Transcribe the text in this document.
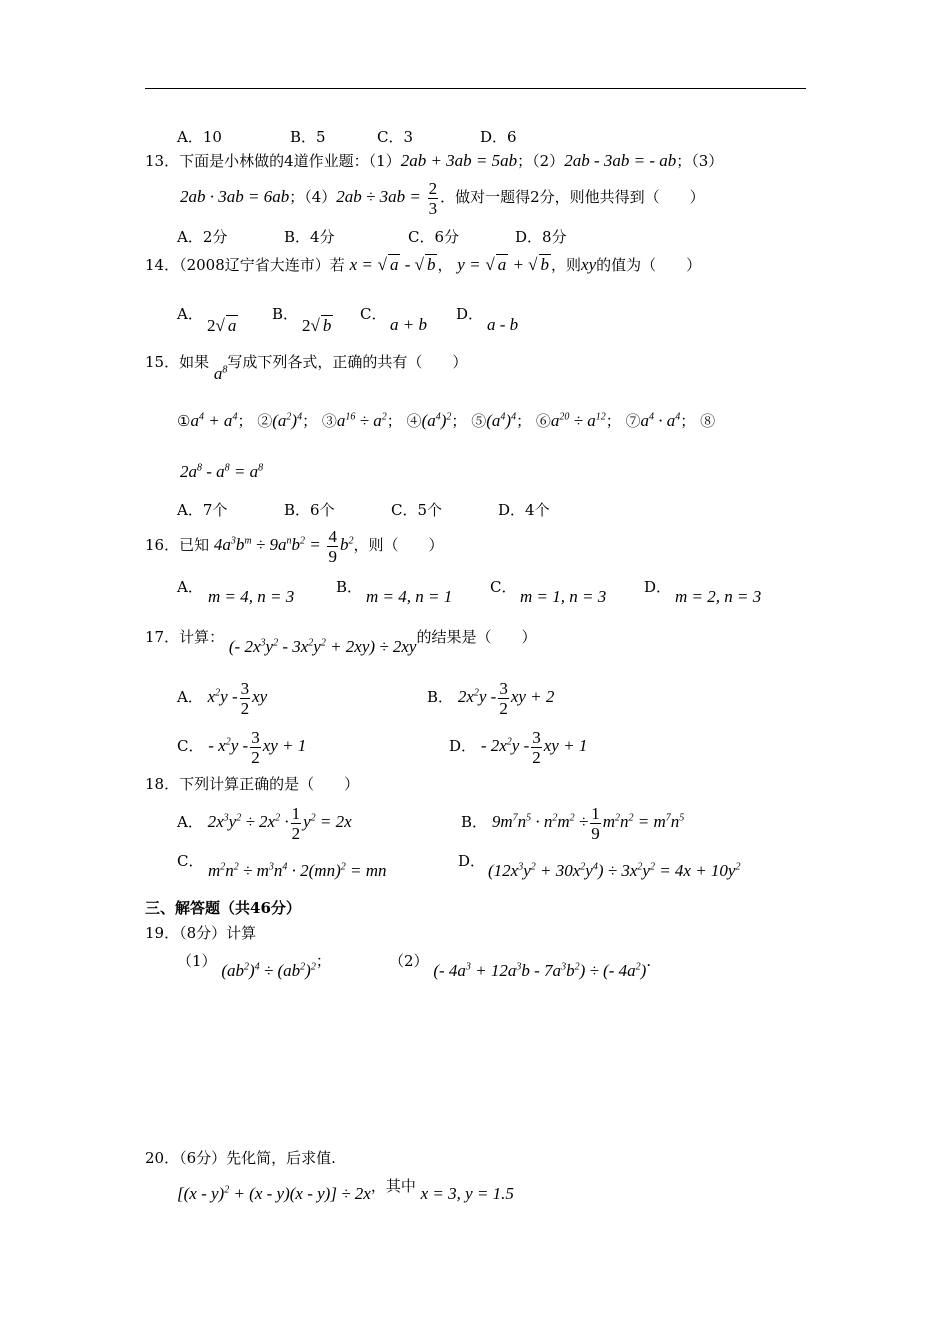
A．10	B．5	C．3	D．6
13．下面是小林做的4道作业题：（1）2ab + 3ab = 5ab；（2）2ab - 3ab = - ab；（3）
2ab · 3ab = 6ab；$(4)2ab \div 3ab = \frac{2}{3}$ ．做对一题得2分，则他共得到（　　）
A．2分	B．4分	C．6分	D．8分
14．（2008辽宁省大连市）若 x = √ a - √ b ， y = √ a + √ b ，则xy的值为（　　）
A．
2√ a
B．
2√ b
C．
a + b
D．
a - b
15．如果 $a^8$写成下列各式，正确的共有（　　）
$①a^4 + a^4$； $②(a^2)^4$； $③a^{16} \div a^2$； $④(a^4)^2$； $⑤(a^4)^4$； $⑥a^{20} \div a^{12}$； $⑦a^4 \cdot a^4$； ⑧
$2a^8 - a^8 = a^8$
A．7个	B．6个	C．5个	D．4个
16．已知 $4a^3b^m \div 9a^nb^2 = \frac{4}{9} b^2$，则（　　）
A． m = 4, n = 3	B． m = 4, n = 1	C． m = 1, n = 3	D． m = 2, n = 3
17．计算： (- $2x^3y^2 - 3x^2y^2 + 2xy) \div 2xy$的结果是（　　）
A． $x^2y - \frac{3}{2}$ xy	B． $2x^2y - \frac{3}{2}$ xy + 2
C． - $x^2y - \frac{3}{2}$ xy + 1	D． - $2x^2y - \frac{3}{2}$ xy + 1
18．下列计算正确的是（　　）
A． $2x^3y^2 \div 2x^2 \cdot \frac{1}{2} y^2 = 2x$	B． $9m^7n^5 \cdot n^2m^2 \div \frac{1}{9} m^2n^2 = m^7n^5$
C． $m^2n^2 \div m^3n^4 \cdot 2(mn)^2$ = mn	D． $(12x^3y^2 + 30x^2y^4) \div 3x^2y^2 = 4x + 10y^2$
三、解答题（共46分）
19．（8分）计算
（1） $(ab^2)^4 \div (ab^2)^2$；	（2） (- $4a^3 + 12a^3b - 7a^3b^2$) ÷ (- $4a^2$).
20．（6分）先化简，后求值.
[(x - y)$^2$ + (x - y)(x - y)] ÷ 2x，其中 x = 3, y = 1.5
